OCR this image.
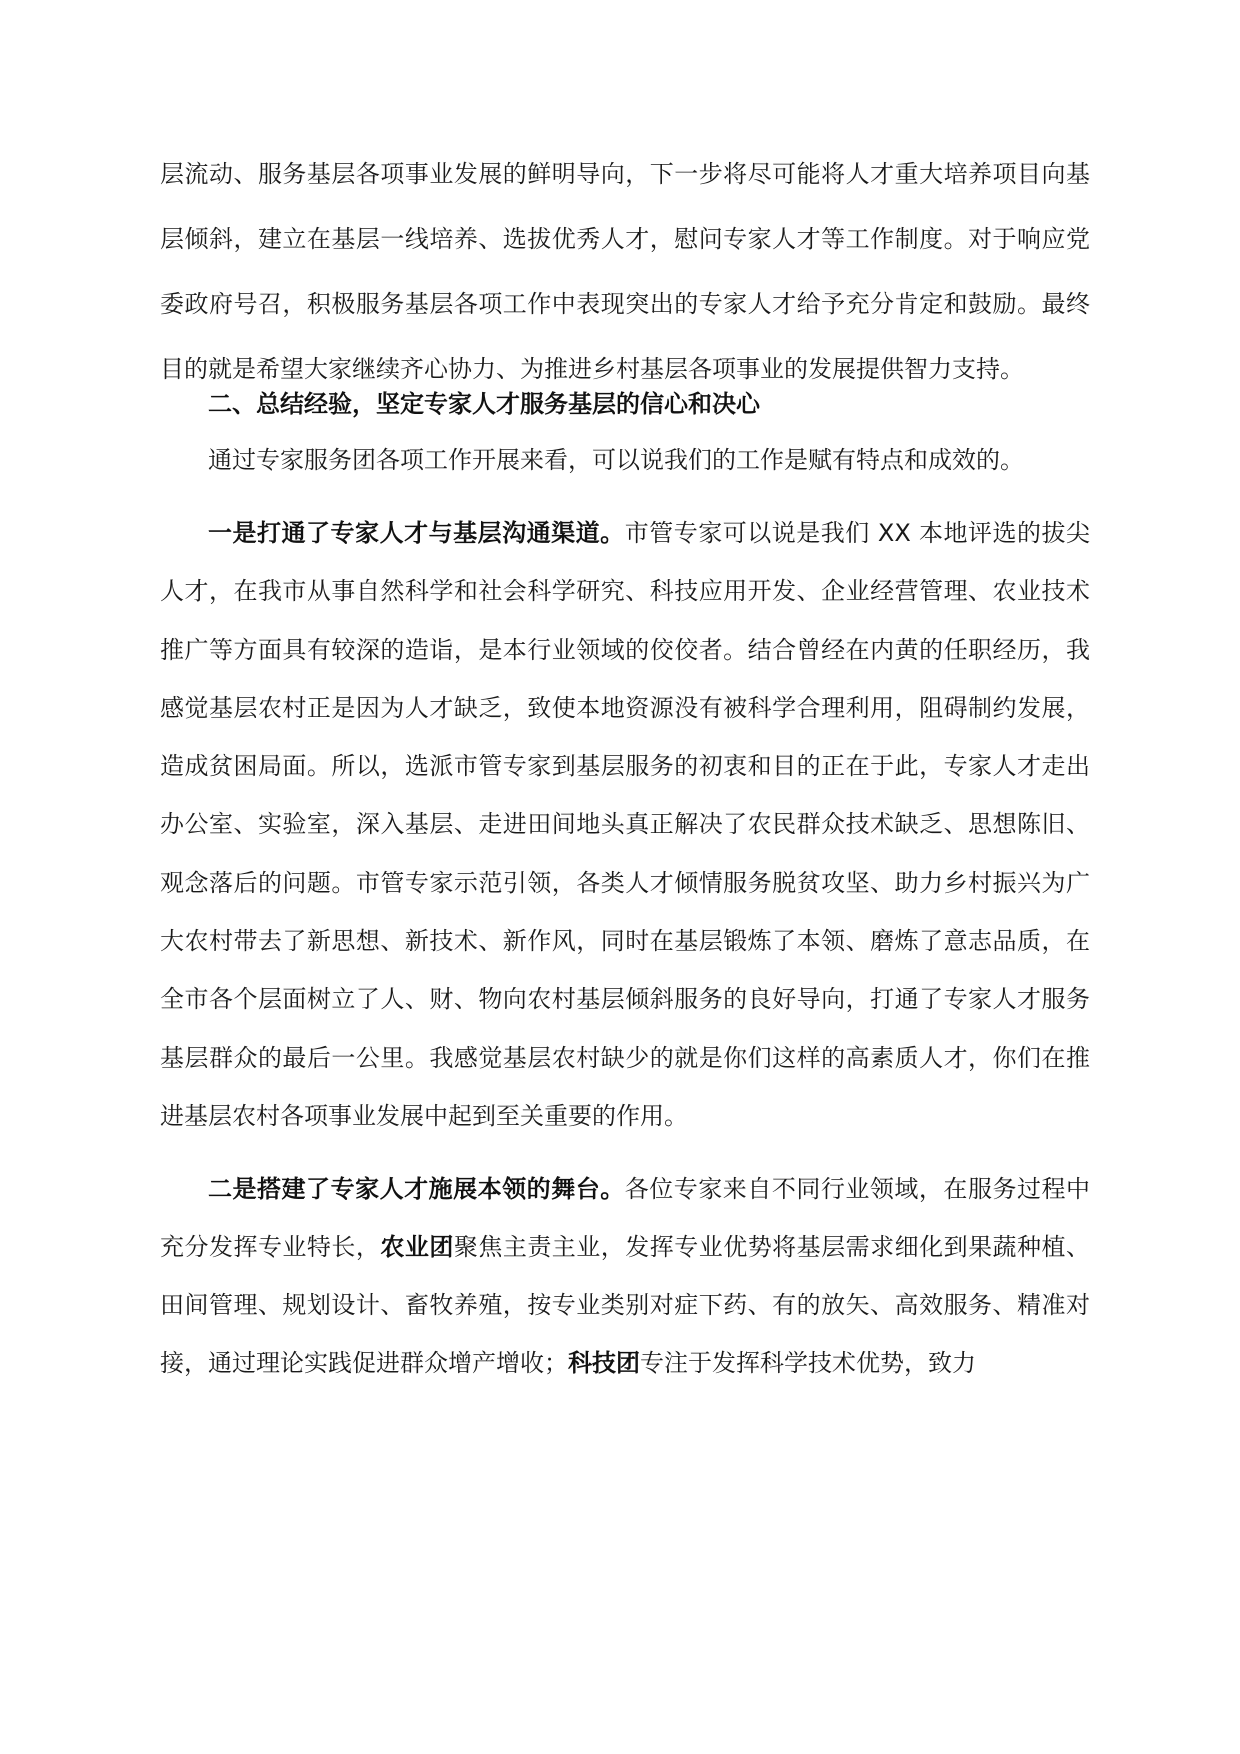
层流动、服务基层各项事业发展的鲜明导向，下一步将尽可能将人才重大培养项目向基层倾斜，建立在基层一线培养、选拔优秀人才，慰问专家人才等工作制度。对于响应党委政府号召，积极服务基层各项工作中表现突出的专家人才给予充分肯定和鼓励。最终目的就是希望大家继续齐心协力、为推进乡村基层各项事业的发展提供智力支持。

二、总结经验，坚定专家人才服务基层的信心和决心

通过专家服务团各项工作开展来看，可以说我们的工作是赋有特点和成效的。

一是打通了专家人才与基层沟通渠道。市管专家可以说是我们 XX 本地评选的拔尖人才，在我市从事自然科学和社会科学研究、科技应用开发、企业经营管理、农业技术推广等方面具有较深的造诣，是本行业领域的佼佼者。结合曾经在内黄的任职经历，我感觉基层农村正是因为人才缺乏，致使本地资源没有被科学合理利用，阻碍制约发展，造成贫困局面。所以，选派市管专家到基层服务的初衷和目的正在于此，专家人才走出办公室、实验室，深入基层、走进田间地头真正解决了农民群众技术缺乏、思想陈旧、观念落后的问题。市管专家示范引领，各类人才倾情服务脱贫攻坚、助力乡村振兴为广大农村带去了新思想、新技术、新作风，同时在基层锻炼了本领、磨炼了意志品质，在全市各个层面树立了人、财、物向农村基层倾斜服务的良好导向，打通了专家人才服务基层群众的最后一公里。我感觉基层农村缺少的就是你们这样的高素质人才，你们在推进基层农村各项事业发展中起到至关重要的作用。

二是搭建了专家人才施展本领的舞台。各位专家来自不同行业领域，在服务过程中充分发挥专业特长，农业团聚焦主责主业，发挥专业优势将基层需求细化到果蔬种植、田间管理、规划设计、畜牧养殖，按专业类别对症下药、有的放矢、高效服务、精准对接，通过理论实践促进群众增产增收；科技团专注于发挥科学技术优势，致力
